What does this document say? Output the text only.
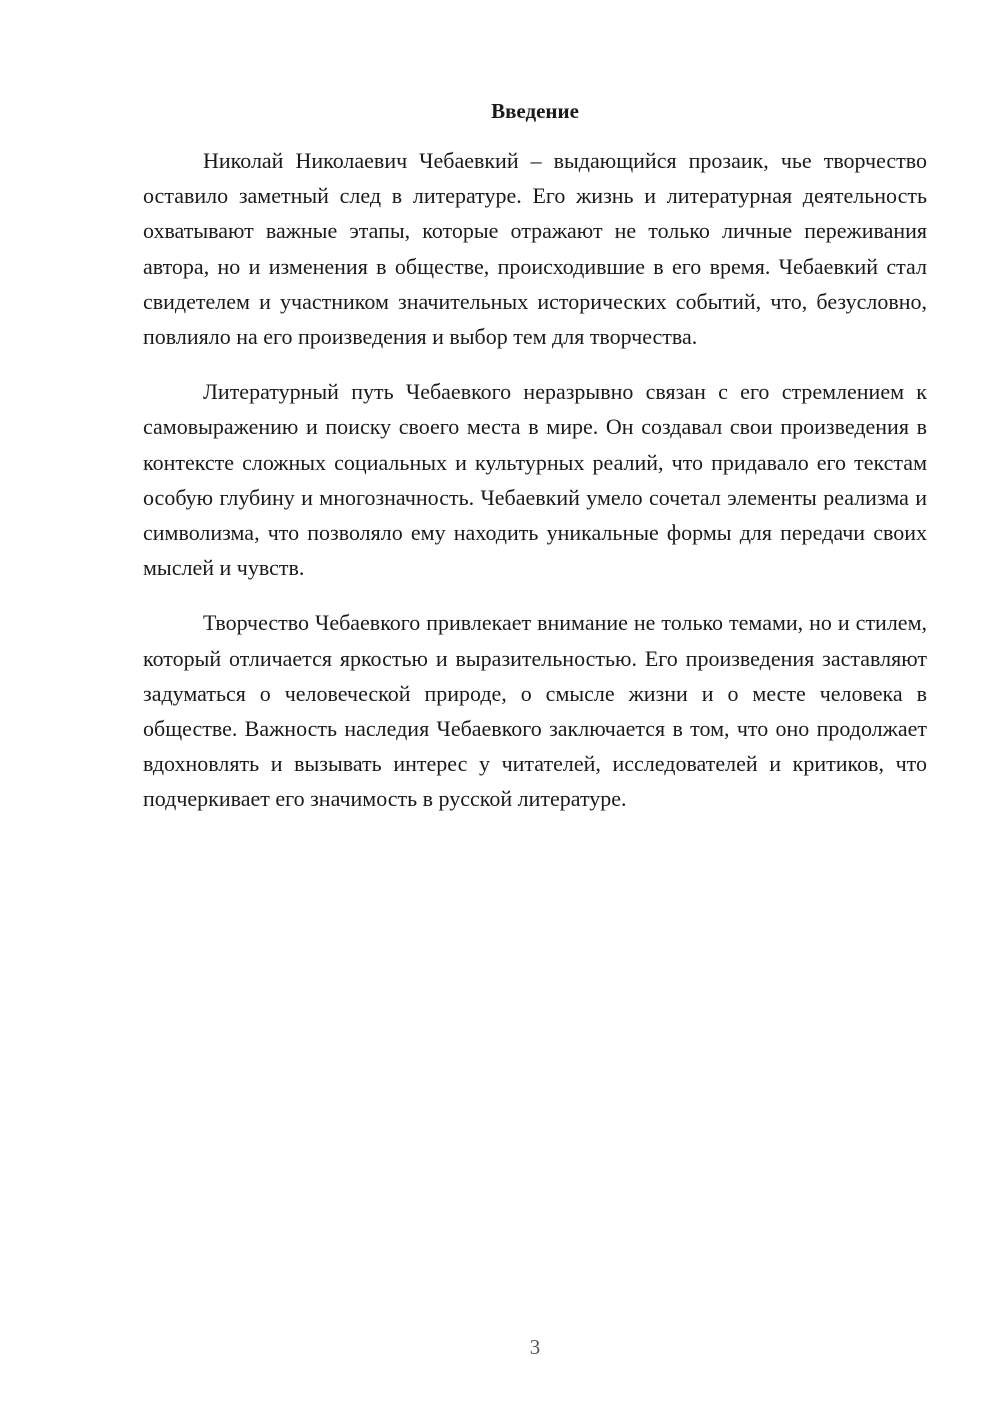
Введение

Николай Николаевич Чебаевкий – выдающийся прозаик, чье творчество оставило заметный след в литературе. Его жизнь и литературная деятельность охватывают важные этапы, которые отражают не только личные переживания автора, но и изменения в обществе, происходившие в его время. Чебаевкий стал свидетелем и участником значительных исторических событий, что, безусловно, повлияло на его произведения и выбор тем для творчества.

Литературный путь Чебаевкого неразрывно связан с его стремлением к самовыражению и поиску своего места в мире. Он создавал свои произведения в контексте сложных социальных и культурных реалий, что придавало его текстам особую глубину и многозначность. Чебаевкий умело сочетал элементы реализма и символизма, что позволяло ему находить уникальные формы для передачи своих мыслей и чувств.

Творчество Чебаевкого привлекает внимание не только темами, но и стилем, который отличается яркостью и выразительностью. Его произведения заставляют задуматься о человеческой природе, о смысле жизни и о месте человека в обществе. Важность наследия Чебаевкого заключается в том, что оно продолжает вдохновлять и вызывать интерес у читателей, исследователей и критиков, что подчеркивает его значимость в русской литературе.

3
